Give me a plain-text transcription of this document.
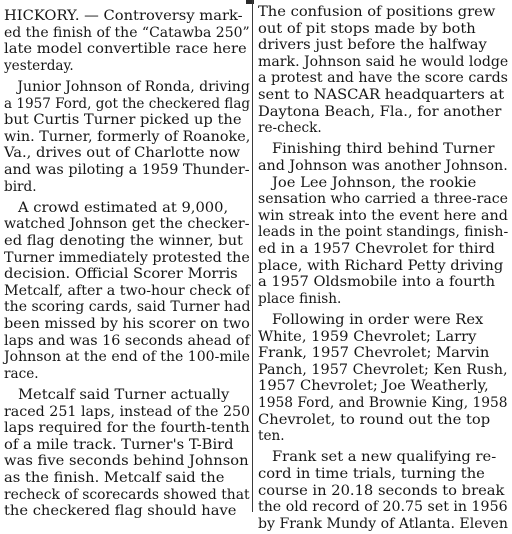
HICKORY. — Controversy mark-
ed the finish of the “Catawba 250”
late model convertible race here
yesterday.
Junior Johnson of Ronda, driving
a 1957 Ford, got the checkered flag
but Curtis Turner picked up the
win. Turner, formerly of Roanoke,
Va., drives out of Charlotte now
and was piloting a 1959 Thunder-
bird.
A crowd estimated at 9,000,
watched Johnson get the checker-
ed flag denoting the winner, but
Turner immediately protested the
decision. Official Scorer Morris
Metcalf, after a two-hour check of
the scoring cards, said Turner had
been missed by his scorer on two
laps and was 16 seconds ahead of
Johnson at the end of the 100-mile
race.
Metcalf said Turner actually
raced 251 laps, instead of the 250
laps required for the fourth-tenth
of a mile track. Turner's T-Bird
was five seconds behind Johnson
as the finish. Metcalf said the
recheck of scorecards showed that
the checkered flag should have
The confusion of positions grew
out of pit stops made by both
drivers just before the halfway
mark. Johnson said he would lodge
a protest and have the score cards
sent to NASCAR headquarters at
Daytona Beach, Fla., for another
re-check.
Finishing third behind Turner
and Johnson was another Johnson.
Joe Lee Johnson, the rookie
sensation who carried a three-race
win streak into the event here and
leads in the point standings, finish-
ed in a 1957 Chevrolet for third
place, with Richard Petty driving
a 1957 Oldsmobile into a fourth
place finish.
Following in order were Rex
White, 1959 Chevrolet; Larry
Frank, 1957 Chevrolet; Marvin
Panch, 1957 Chevrolet; Ken Rush,
1957 Chevrolet; Joe Weatherly,
1958 Ford, and Brownie King, 1958
Chevrolet, to round out the top
ten.
Frank set a new qualifying re-
cord in time trials, turning the
course in 20.18 seconds to break
the old record of 20.75 set in 1956
by Frank Mundy of Atlanta. Eleven
